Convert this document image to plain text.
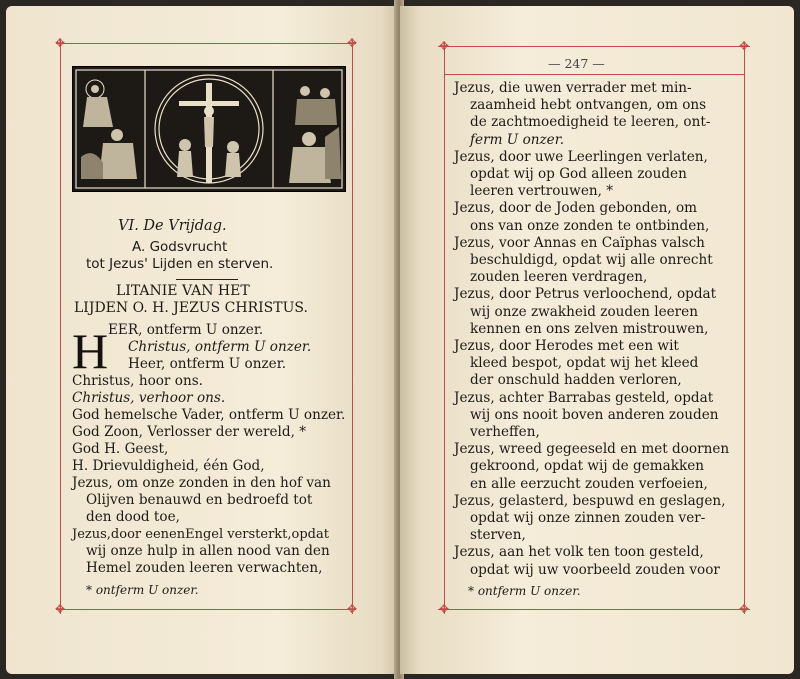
✥	✥
✥	✥
✥	✥
✥	✥
VI. De Vrijdag.
A. Godsvrucht
tot Jezus' Lijden en sterven.
LITANIE VAN HET
LIJDEN O. H. JEZUS CHRISTUS.
H EER, ontferm U onzer.
Christus, ontferm U onzer.
Heer, ontferm U onzer.
Christus, hoor ons.
Christus, verhoor ons.
God hemelsche Vader, ontferm U onzer.
God Zoon, Verlosser der wereld, *
God H. Geest,
H. Drievuldigheid, één God,
Jezus, om onze zonden in den hof van
Olijven benauwd en bedroefd tot
den dood toe,
Jezus,door eenenEngel versterkt,opdat
wij onze hulp in allen nood van den
Hemel zouden leeren verwachten,
* ontferm U onzer.
— 247 —
Jezus, die uwen verrader met min-
zaamheid hebt ontvangen, om ons
de zachtmoedigheid te leeren, ont-
ferm U onzer.
Jezus, door uwe Leerlingen verlaten,
opdat wij op God alleen zouden
leeren vertrouwen, *
Jezus, door de Joden gebonden, om
ons van onze zonden te ontbinden,
Jezus, voor Annas en Caïphas valsch
beschuldigd, opdat wij alle onrecht
zouden leeren verdragen,
Jezus, door Petrus verloochend, opdat
wij onze zwakheid zouden leeren
kennen en ons zelven mistrouwen,
Jezus, door Herodes met een wit
kleed bespot, opdat wij het kleed
der onschuld hadden verloren,
Jezus, achter Barrabas gesteld, opdat
wij ons nooit boven anderen zouden
verheffen,
Jezus, wreed gegeeseld en met doornen
gekroond, opdat wij de gemakken
en alle eerzucht zouden verfoeien,
Jezus, gelasterd, bespuwd en geslagen,
opdat wij onze zinnen zouden ver-
sterven,
Jezus, aan het volk ten toon gesteld,
opdat wij uw voorbeeld zouden voor
* ontferm U onzer.
